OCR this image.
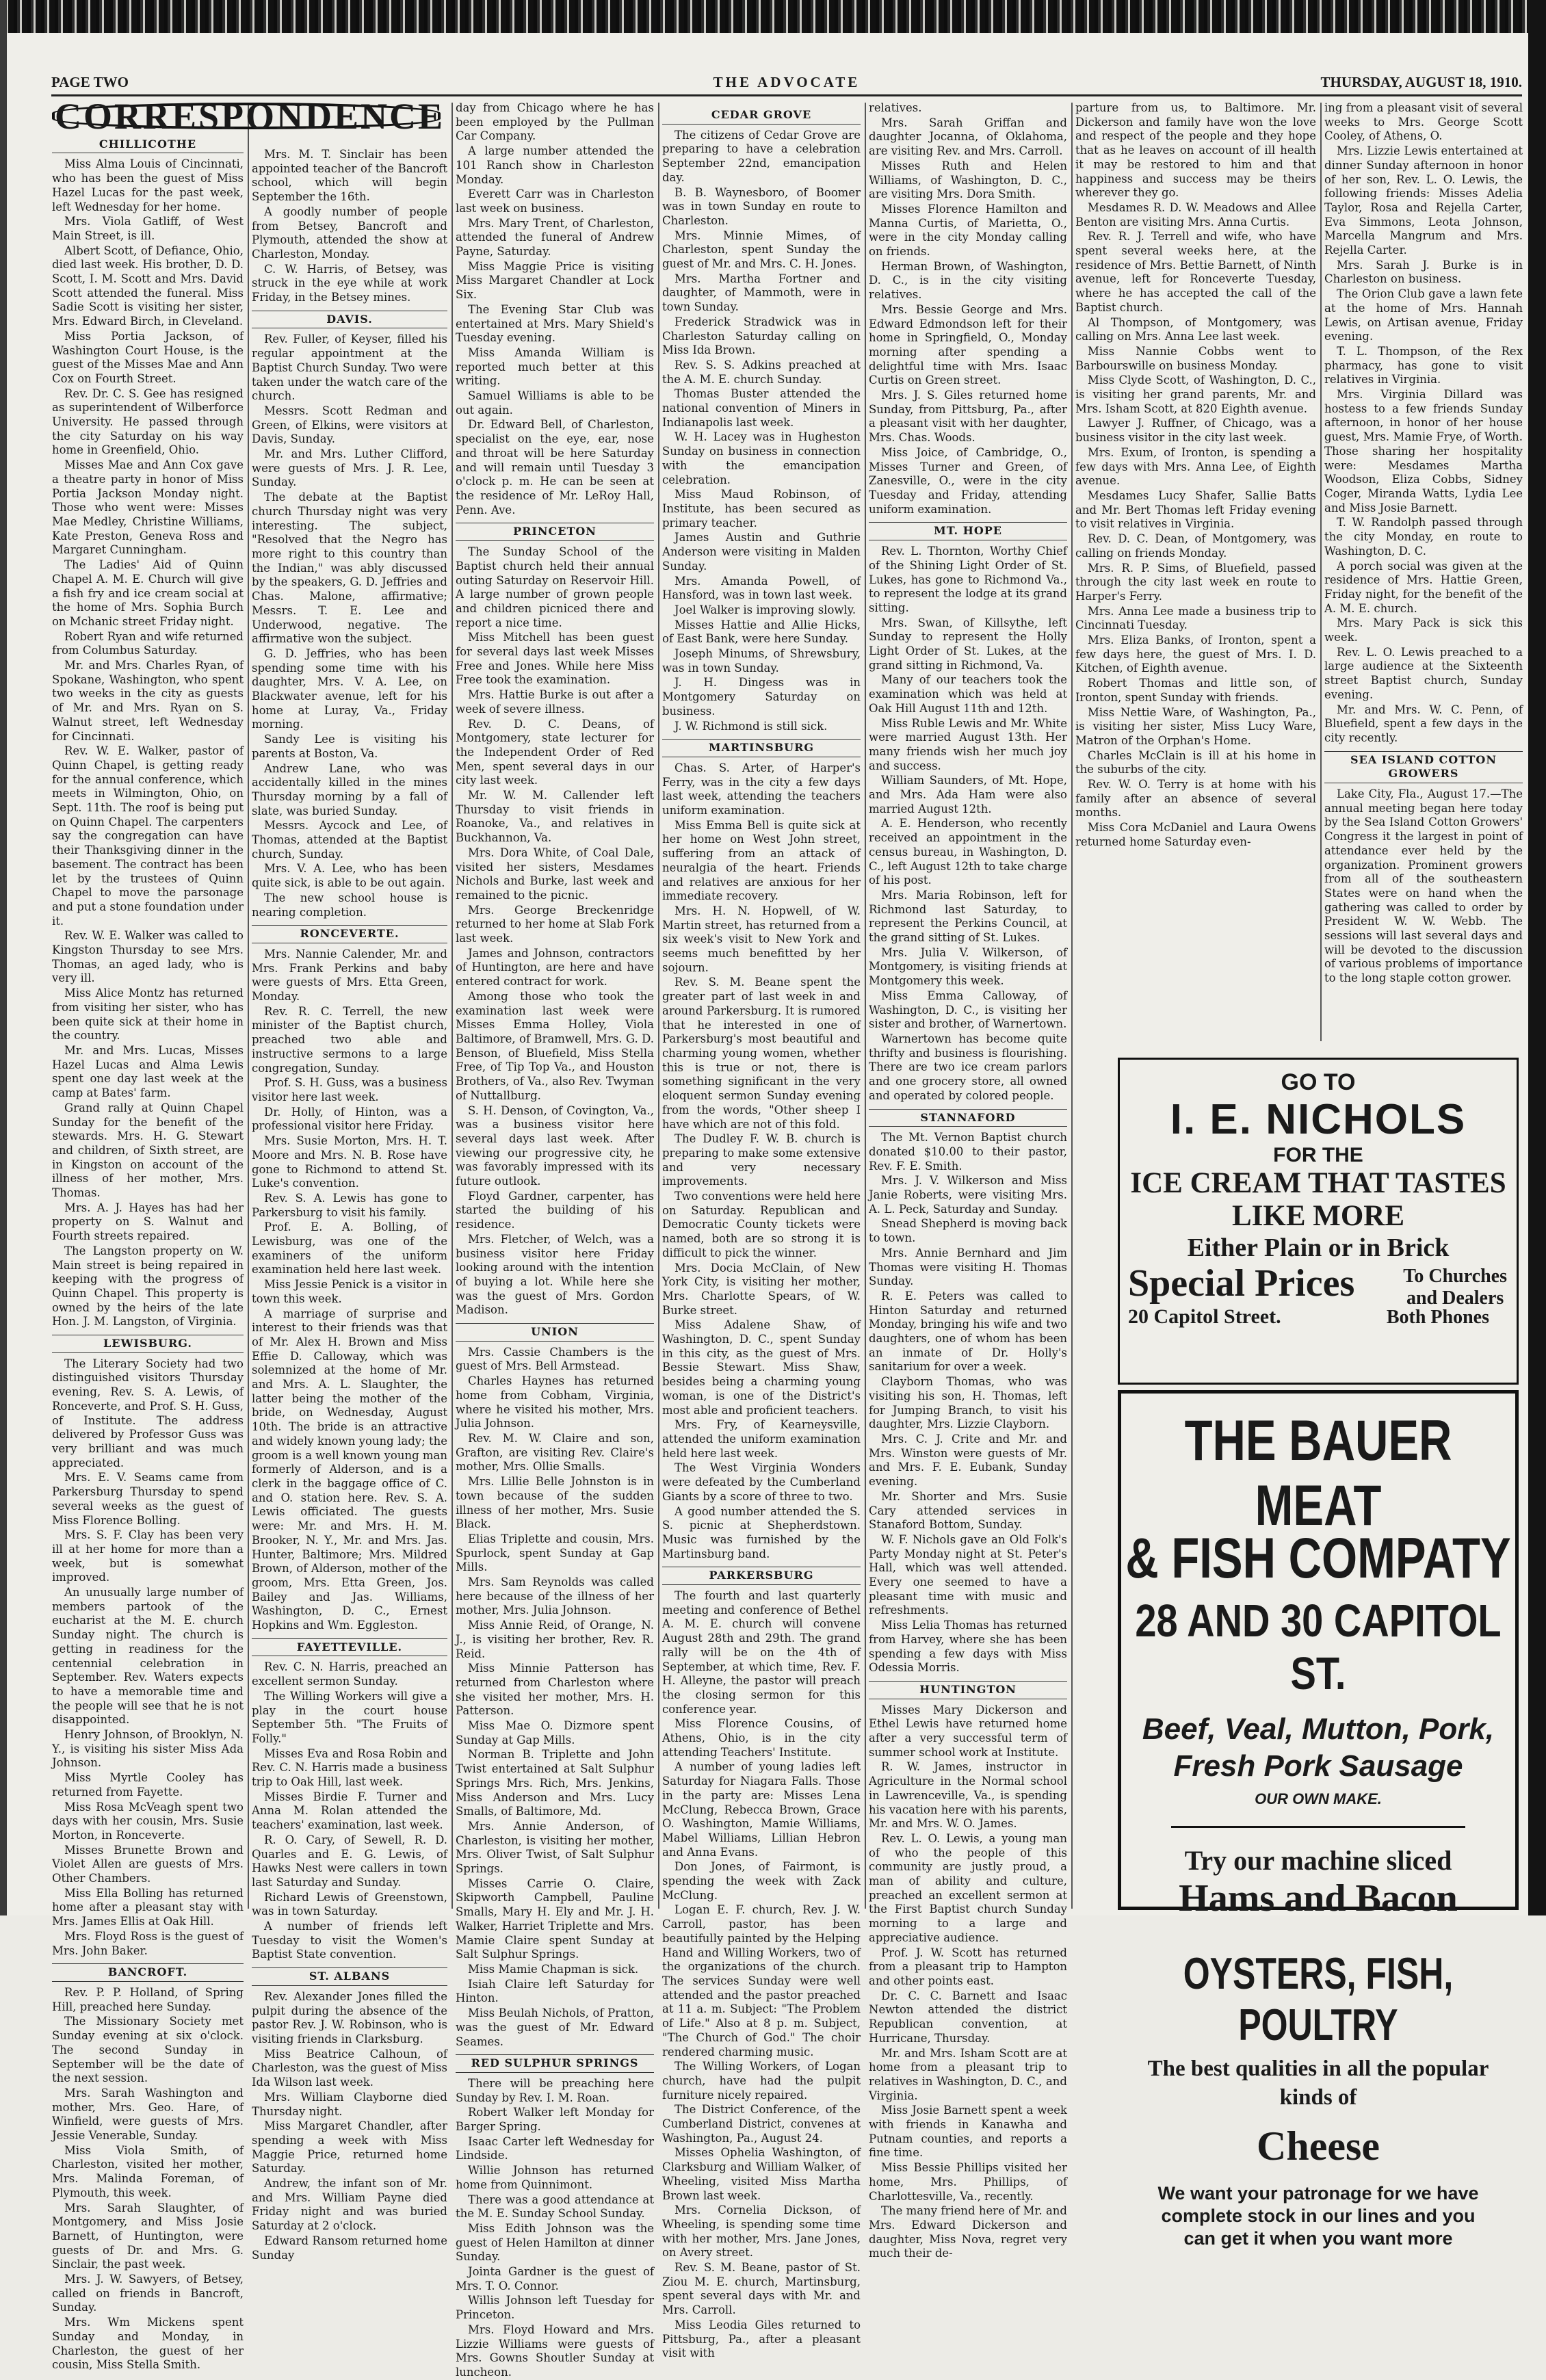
PAGE TWO	THE ADVOCATE	THURSDAY, AUGUST 18, 1910.
CORRESPONDENCE
CHILLICOTHE

Miss Alma Louis of Cincinnati, who has been the guest of Miss Hazel Lucas for the past week, left Wednesday for her home.

Mrs. Viola Gatliff, of West Main Street, is ill.

Albert Scott, of Defiance, Ohio, died last week. His brother, D. D. Scott, I. M. Scott and Mrs. David Scott attended the funeral. Miss Sadie Scott is visiting her sister, Mrs. Edward Birch, in Cleveland.

Miss Portia Jackson, of Washington Court House, is the guest of the Misses Mae and Ann Cox on Fourth Street.

Rev. Dr. C. S. Gee has resigned as superintendent of Wilberforce University. He passed through the city Saturday on his way home in Greenfield, Ohio.

Misses Mae and Ann Cox gave a theatre party in honor of Miss Portia Jackson Monday night. Those who went were: Misses Mae Medley, Christine Williams, Kate Preston, Geneva Ross and Margaret Cunningham.

The Ladies' Aid of Quinn Chapel A. M. E. Church will give a fish fry and ice cream social at the home of Mrs. Sophia Burch on Mchanic street Friday night.

Robert Ryan and wife returned from Columbus Saturday.

Mr. and Mrs. Charles Ryan, of Spokane, Washington, who spent two weeks in the city as guests of Mr. and Mrs. Ryan on S. Walnut street, left Wednesday for Cincinnati.

Rev. W. E. Walker, pastor of Quinn Chapel, is getting ready for the annual conference, which meets in Wilmington, Ohio, on Sept. 11th. The roof is being put on Quinn Chapel. The carpenters say the congregation can have their Thanksgiving dinner in the basement. The contract has been let by the trustees of Quinn Chapel to move the parsonage and put a stone foundation under it.

Rev. W. E. Walker was called to Kingston Thursday to see Mrs. Thomas, an aged lady, who is very ill.

Miss Alice Montz has returned from visiting her sister, who has been quite sick at their home in the country.

Mr. and Mrs. Lucas, Misses Hazel Lucas and Alma Lewis spent one day last week at the camp at Bates' farm.

Grand rally at Quinn Chapel Sunday for the benefit of the stewards. Mrs. H. G. Stewart and children, of Sixth street, are in Kingston on account of the illness of her mother, Mrs. Thomas.

Mrs. A. J. Hayes has had her property on S. Walnut and Fourth streets repaired.

The Langston property on W. Main street is being repaired in keeping with the progress of Quinn Chapel. This property is owned by the heirs of the late Hon. J. M. Langston, of Virginia.

LEWISBURG.

The Literary Society had two distinguished visitors Thursday evening, Rev. S. A. Lewis, of Ronceverte, and Prof. S. H. Guss, of Institute. The address delivered by Professor Guss was very brilliant and was much appreciated.

Mrs. E. V. Seams came from Parkersburg Thursday to spend several weeks as the guest of Miss Florence Bolling.

Mrs. S. F. Clay has been very ill at her home for more than a week, but is somewhat improved.

An unusually large number of members partook of the eucharist at the M. E. church Sunday night. The church is getting in readiness for the centennial celebration in September. Rev. Waters expects to have a memorable time and the people will see that he is not disappointed.

Henry Johnson, of Brooklyn, N. Y., is visiting his sister Miss Ada Johnson.

Miss Myrtle Cooley has returned from Fayette.

Miss Rosa McVeagh spent two days with her cousin, Mrs. Susie Morton, in Ronceverte.

Misses Brunette Brown and Violet Allen are guests of Mrs. Other Chambers.

Miss Ella Bolling has returned home after a pleasant stay with Mrs. James Ellis at Oak Hill.

Mrs. Floyd Ross is the guest of Mrs. John Baker.

BANCROFT.

Rev. P. P. Holland, of Spring Hill, preached here Sunday.

The Missionary Society met Sunday evening at six o'clock. The second Sunday in September will be the date of the next session.

Mrs. Sarah Washington and mother, Mrs. Geo. Hare, of Winfield, were guests of Mrs. Jessie Venerable, Sunday.

Miss Viola Smith, of Charleston, visited her mother, Mrs. Malinda Foreman, of Plymouth, this week.

Mrs. Sarah Slaughter, of Montgomery, and Miss Josie Barnett, of Huntington, were guests of Dr. and Mrs. G. Sinclair, the past week.

Mrs. J. W. Sawyers, of Betsey, called on friends in Bancroft, Sunday.

Mrs. Wm Mickens spent Sunday and Monday, in Charleston, the guest of her cousin, Miss Stella Smith.

Mrs. M. T. Sinclair has been appointed teacher of the Bancroft school, which will begin September the 16th.

A goodly number of people from Betsey, Bancroft and Plymouth, attended the show at Charleston, Monday.

C. W. Harris, of Betsey, was struck in the eye while at work Friday, in the Betsey mines.

DAVIS.

Rev. Fuller, of Keyser, filled his regular appointment at the Baptist Church Sunday. Two were taken under the watch care of the church.

Messrs. Scott Redman and Green, of Elkins, were visitors at Davis, Sunday.

Mr. and Mrs. Luther Clifford, were guests of Mrs. J. R. Lee, Sunday.

The debate at the Baptist church Thursday night was very interesting. The subject, "Resolved that the Negro has more right to this country than the Indian," was ably discussed by the speakers, G. D. Jeffries and Chas. Malone, affirmative; Messrs. T. E. Lee and Underwood, negative. The affirmative won the subject.

G. D. Jeffries, who has been spending some time with his daughter, Mrs. V. A. Lee, on Blackwater avenue, left for his home at Luray, Va., Friday morning.

Sandy Lee is visiting his parents at Boston, Va.

Andrew Lane, who was accidentally killed in the mines Thursday morning by a fall of slate, was buried Sunday.

Messrs. Aycock and Lee, of Thomas, attended at the Baptist church, Sunday.

Mrs. V. A. Lee, who has been quite sick, is able to be out again.

The new school house is nearing completion.

RONCEVERTE.

Mrs. Nannie Calender, Mr. and Mrs. Frank Perkins and baby were guests of Mrs. Etta Green, Monday.

Rev. R. C. Terrell, the new minister of the Baptist church, preached two able and instructive sermons to a large congregation, Sunday.

Prof. S. H. Guss, was a business visitor here last week.

Dr. Holly, of Hinton, was a professional visitor here Friday.

Mrs. Susie Morton, Mrs. H. T. Moore and Mrs. N. B. Rose have gone to Richmond to attend St. Luke's convention.

Rev. S. A. Lewis has gone to Parkersburg to visit his family.

Prof. E. A. Bolling, of Lewisburg, was one of the examiners of the uniform examination held here last week.

Miss Jessie Penick is a visitor in town this week.

A marriage of surprise and interest to their friends was that of Mr. Alex H. Brown and Miss Effie D. Calloway, which was solemnized at the home of Mr. and Mrs. A. L. Slaughter, the latter being the mother of the bride, on Wednesday, August 10th. The bride is an attractive and widely known young lady; the groom is a well known young man formerly of Alderson, and is a clerk in the baggage office of C. and O. station here. Rev. S. A. Lewis officiated. The guests were: Mr. and Mrs. H. M. Brooker, N. Y., Mr. and Mrs. Jas. Hunter, Baltimore; Mrs. Mildred Brown, of Alderson, mother of the groom, Mrs. Etta Green, Jos. Bailey and Jas. Williams, Washington, D. C., Ernest Hopkins and Wm. Eggleston.

FAYETTEVILLE.

Rev. C. N. Harris, preached an excellent sermon Sunday.

The Willing Workers will give a play in the court house September 5th. "The Fruits of Folly."

Misses Eva and Rosa Robin and Rev. C. N. Harris made a business trip to Oak Hill, last week.

Misses Birdie F. Turner and Anna M. Rolan attended the teachers' examination, last week.

R. O. Cary, of Sewell, R. D. Quarles and E. G. Lewis, of Hawks Nest were callers in town last Saturday and Sunday.

Richard Lewis of Greenstown, was in town Saturday.

A number of friends left Tuesday to visit the Women's Baptist State convention.

ST. ALBANS

Rev. Alexander Jones filled the pulpit during the absence of the pastor Rev. J. W. Robinson, who is visiting friends in Clarksburg.

Miss Beatrice Calhoun, of Charleston, was the guest of Miss Ida Wilson last week.

Mrs. William Clayborne died Thursday night.

Miss Margaret Chandler, after spending a week with Miss Maggie Price, returned home Saturday.

Andrew, the infant son of Mr. and Mrs. William Payne died Friday night and was buried Saturday at 2 o'clock.

Edward Ransom returned home Sunday

day from Chicago where he has been employed by the Pullman Car Company.

A large number attended the 101 Ranch show in Charleston Monday.

Everett Carr was in Charleston last week on business.

Mrs. Mary Trent, of Charleston, attended the funeral of Andrew Payne, Saturday.

Miss Maggie Price is visiting Miss Margaret Chandler at Lock Six.

The Evening Star Club was entertained at Mrs. Mary Shield's Tuesday evening.

Miss Amanda William is reported much better at this writing.

Samuel Williams is able to be out again.

Dr. Edward Bell, of Charleston, specialist on the eye, ear, nose and throat will be here Saturday and will remain until Tuesday 3 o'clock p. m. He can be seen at the residence of Mr. LeRoy Hall, Penn. Ave.

PRINCETON

The Sunday School of the Baptist church held their annual outing Saturday on Reservoir Hill. A large number of grown people and children picniced there and report a nice time.

Miss Mitchell has been guest for several days last week Misses Free and Jones. While here Miss Free took the examination.

Mrs. Hattie Burke is out after a week of severe illness.

Rev. D. C. Deans, of Montgomery, state lecturer for the Independent Order of Red Men, spent several days in our city last week.

Mr. W. M. Callender left Thursday to visit friends in Roanoke, Va., and relatives in Buckhannon, Va.

Mrs. Dora White, of Coal Dale, visited her sisters, Mesdames Nichols and Burke, last week and remained to the picnic.

Mrs. George Breckenridge returned to her home at Slab Fork last week.

James and Johnson, contractors of Huntington, are here and have entered contract for work.

Among those who took the examination last week were Misses Emma Holley, Viola Baltimore, of Bramwell, Mrs. G. D. Benson, of Bluefield, Miss Stella Free, of Tip Top Va., and Houston Brothers, of Va., also Rev. Twyman of Nuttallburg.

S. H. Denson, of Covington, Va., was a business visitor here several days last week. After viewing our progressive city, he was favorably impressed with its future outlook.

Floyd Gardner, carpenter, has started the building of his residence.

Mrs. Fletcher, of Welch, was a business visitor here Friday looking around with the intention of buying a lot. While here she was the guest of Mrs. Gordon Madison.

UNION

Mrs. Cassie Chambers is the guest of Mrs. Bell Armstead.

Charles Haynes has returned home from Cobham, Virginia, where he visited his mother, Mrs. Julia Johnson.

Rev. M. W. Claire and son, Grafton, are visiting Rev. Claire's mother, Mrs. Ollie Smalls.

Mrs. Lillie Belle Johnston is in town because of the sudden illness of her mother, Mrs. Susie Black.

Elias Triplette and cousin, Mrs. Spurlock, spent Sunday at Gap Mills.

Mrs. Sam Reynolds was called here because of the illness of her mother, Mrs. Julia Johnson.

Miss Annie Reid, of Orange, N. J., is visiting her brother, Rev. R. Reid.

Miss Minnie Patterson has returned from Charleston where she visited her mother, Mrs. H. Patterson.

Miss Mae O. Dizmore spent Sunday at Gap Mills.

Norman B. Triplette and John Twist entertained at Salt Sulphur Springs Mrs. Rich, Mrs. Jenkins, Miss Anderson and Mrs. Lucy Smalls, of Baltimore, Md.

Mrs. Annie Anderson, of Charleston, is visiting her mother, Mrs. Oliver Twist, of Salt Sulphur Springs.

Misses Carrie O. Claire, Skipworth Campbell, Pauline Smalls, Mary H. Ely and Mr. J. H. Walker, Harriet Triplette and Mrs. Mamie Claire spent Sunday at Salt Sulphur Springs.

Miss Mamie Chapman is sick.

Isiah Claire left Saturday for Hinton.

Miss Beulah Nichols, of Pratton, was the guest of Mr. Edward Seames.

RED SULPHUR SPRINGS

There will be preaching here Sunday by Rev. I. M. Roan.

Robert Walker left Monday for Barger Spring.

Isaac Carter left Wednesday for Lindside.

Willie Johnson has returned home from Quinnimont.

There was a good attendance at the M. E. Sunday School Sunday.

Miss Edith Johnson was the guest of Helen Hamilton at dinner Sunday.

Jointa Gardner is the guest of Mrs. T. O. Connor.

Willis Johnson left Tuesday for Princeton.

Mrs. Floyd Howard and Mrs. Lizzie Williams were guests of Mrs. Gowns Shoutler Sunday at luncheon.

CEDAR GROVE

The citizens of Cedar Grove are preparing to have a celebration September 22nd, emancipation day.

B. B. Waynesboro, of Boomer was in town Sunday en route to Charleston.

Mrs. Minnie Mimes, of Charleston, spent Sunday the guest of Mr. and Mrs. C. H. Jones.

Mrs. Martha Fortner and daughter, of Mammoth, were in town Sunday.

Frederick Stradwick was in Charleston Saturday calling on Miss Ida Brown.

Rev. S. S. Adkins preached at the A. M. E. church Sunday.

Thomas Buster attended the national convention of Miners in Indianapolis last week.

W. H. Lacey was in Hugheston Sunday on business in connection with the emancipation celebration.

Miss Maud Robinson, of Institute, has been secured as primary teacher.

James Austin and Guthrie Anderson were visiting in Malden Sunday.

Mrs. Amanda Powell, of Hansford, was in town last week.

Joel Walker is improving slowly.

Misses Hattie and Allie Hicks, of East Bank, were here Sunday.

Joseph Minums, of Shrewsbury, was in town Sunday.

J. H. Dingess was in Montgomery Saturday on business.

J. W. Richmond is still sick.

MARTINSBURG

Chas. S. Arter, of Harper's Ferry, was in the city a few days last week, attending the teachers uniform examination.

Miss Emma Bell is quite sick at her home on West John street, suffering from an attack of neuralgia of the heart. Friends and relatives are anxious for her immediate recovery.

Mrs. H. N. Hopwell, of W. Martin street, has returned from a six week's visit to New York and seems much benefitted by her sojourn.

Rev. S. M. Beane spent the greater part of last week in and around Parkersburg. It is rumored that he interested in one of Parkersburg's most beautiful and charming young women, whether this is true or not, there is something significant in the very eloquent sermon Sunday evening from the words, "Other sheep I have which are not of this fold.

The Dudley F. W. B. church is preparing to make some extensive and very necessary improvements.

Two conventions were held here on Saturday. Republican and Democratic County tickets were named, both are so strong it is difficult to pick the winner.

Mrs. Docia McClain, of New York City, is visiting her mother, Mrs. Charlotte Spears, of W. Burke street.

Miss Adalene Shaw, of Washington, D. C., spent Sunday in this city, as the guest of Mrs. Bessie Stewart. Miss Shaw, besides being a charming young woman, is one of the District's most able and proficient teachers.

Mrs. Fry, of Kearneysville, attended the uniform examination held here last week.

The West Virginia Wonders were defeated by the Cumberland Giants by a score of three to two.

A good number attended the S. S. picnic at Shepherdstown. Music was furnished by the Martinsburg band.

PARKERSBURG

The fourth and last quarterly meeting and conference of Bethel A. M. E. church will convene August 28th and 29th. The grand rally will be on the 4th of September, at which time, Rev. F. H. Alleyne, the pastor will preach the closing sermon for this conference year.

Miss Florence Cousins, of Athens, Ohio, is in the city attending Teachers' Institute.

A number of young ladies left Saturday for Niagara Falls. Those in the party are: Misses Lena McClung, Rebecca Brown, Grace O. Washington, Mamie Williams, Mabel Williams, Lillian Hebron and Anna Evans.

Don Jones, of Fairmont, is spending the week with Zack McClung.

Logan E. F. church, Rev. J. W. Carroll, pastor, has been beautifully painted by the Helping Hand and Willing Workers, two of the organizations of the church. The services Sunday were well attended and the pastor preached at 11 a. m. Subject: "The Problem of Life." Also at 8 p. m. Subject, "The Church of God." The choir rendered charming music.

The Willing Workers, of Logan church, have had the pulpit furniture nicely repaired.

The District Conference, of the Cumberland District, convenes at Washington, Pa., August 24.

Misses Ophelia Washington, of Clarksburg and William Walker, of Wheeling, visited Miss Martha Brown last week.

Mrs. Cornelia Dickson, of Wheeling, is spending some time with her mother, Mrs. Jane Jones, on Avery street.

Rev. S. M. Beane, pastor of St. Ziou M. E. church, Martinsburg, spent several days with Mr. and Mrs. Carroll.

Miss Leodia Giles returned to Pittsburg, Pa., after a pleasant visit with

relatives.

Mrs. Sarah Griffan and daughter Jocanna, of Oklahoma, are visiting Rev. and Mrs. Carroll.

Misses Ruth and Helen Williams, of Washington, D. C., are visiting Mrs. Dora Smith.

Misses Florence Hamilton and Manna Curtis, of Marietta, O., were in the city Monday calling on friends.

Herman Brown, of Washington, D. C., is in the city visiting relatives.

Mrs. Bessie George and Mrs. Edward Edmondson left for their home in Springfield, O., Monday morning after spending a delightful time with Mrs. Isaac Curtis on Green street.

Mrs. J. S. Giles returned home Sunday, from Pittsburg, Pa., after a pleasant visit with her daughter, Mrs. Chas. Woods.

Miss Joice, of Cambridge, O., Misses Turner and Green, of Zanesville, O., were in the city Tuesday and Friday, attending uniform examination.

MT. HOPE

Rev. L. Thornton, Worthy Chief of the Shining Light Order of St. Lukes, has gone to Richmond Va., to represent the lodge at its grand sitting.

Mrs. Swan, of Killsythe, left Sunday to represent the Holly Light Order of St. Lukes, at the grand sitting in Richmond, Va.

Many of our teachers took the examination which was held at Oak Hill August 11th and 12th.

Miss Ruble Lewis and Mr. White were married August 13th. Her many friends wish her much joy and success.

William Saunders, of Mt. Hope, and Mrs. Ada Ham were also married August 12th.

A. E. Henderson, who recently received an appointment in the census bureau, in Washington, D. C., left August 12th to take charge of his post.

Mrs. Maria Robinson, left for Richmond last Saturday, to represent the Perkins Council, at the grand sitting of St. Lukes.

Mrs. Julia V. Wilkerson, of Montgomery, is visiting friends at Montgomery this week.

Miss Emma Calloway, of Washington, D. C., is visiting her sister and brother, of Warnertown.

Warnertown has become quite thrifty and business is flourishing. There are two ice cream parlors and one grocery store, all owned and operated by colored people.

STANNAFORD

The Mt. Vernon Baptist church donated $10.00 to their pastor, Rev. F. E. Smith.

Mrs. J. V. Wilkerson and Miss Janie Roberts, were visiting Mrs. A. L. Peck, Saturday and Sunday.

Snead Shepherd is moving back to town.

Mrs. Annie Bernhard and Jim Thomas were visiting H. Thomas Sunday.

R. E. Peters was called to Hinton Saturday and returned Monday, bringing his wife and two daughters, one of whom has been an inmate of Dr. Holly's sanitarium for over a week.

Clayborn Thomas, who was visiting his son, H. Thomas, left for Jumping Branch, to visit his daughter, Mrs. Lizzie Clayborn.

Mrs. C. J. Crite and Mr. and Mrs. Winston were guests of Mr. and Mrs. F. E. Eubank, Sunday evening.

Mr. Shorter and Mrs. Susie Cary attended services in Stanaford Bottom, Sunday.

W. F. Nichols gave an Old Folk's Party Monday night at St. Peter's Hall, which was well attended. Every one seemed to have a pleasant time with music and refreshments.

Miss Lelia Thomas has returned from Harvey, where she has been spending a few days with Miss Odessia Morris.

HUNTINGTON

Misses Mary Dickerson and Ethel Lewis have returned home after a very successful term of summer school work at Institute.

R. W. James, instructor in Agriculture in the Normal school in Lawrenceville, Va., is spending his vacation here with his parents, Mr. and Mrs. W. O. James.

Rev. L. O. Lewis, a young man of who the people of this community are justly proud, a man of ability and culture, preached an excellent sermon at the First Baptist church Sunday morning to a large and appreciative audience.

Prof. J. W. Scott has returned from a pleasant trip to Hampton and other points east.

Dr. C. C. Barnett and Isaac Newton attended the district Republican convention, at Hurricane, Thursday.

Mr. and Mrs. Isham Scott are at home from a pleasant trip to relatives in Washington, D. C., and Virginia.

Miss Josie Barnett spent a week with friends in Kanawha and Putnam counties, and reports a fine time.

Miss Bessie Phillips visited her home, Mrs. Phillips, of Charlottesville, Va., recently.

The many friend here of Mr. and Mrs. Edward Dickerson and daughter, Miss Nova, regret very much their de-

parture from us, to Baltimore. Mr. Dickerson and family have won the love and respect of the people and they hope that as he leaves on account of ill health it may be restored to him and that happiness and success may be theirs wherever they go.

Mesdames R. D. W. Meadows and Allee Benton are visiting Mrs. Anna Curtis.

Rev. R. J. Terrell and wife, who have spent several weeks here, at the residence of Mrs. Bettie Barnett, of Ninth avenue, left for Ronceverte Tuesday, where he has accepted the call of the Baptist church.

Al Thompson, of Montgomery, was calling on Mrs. Anna Lee last week.

Miss Nannie Cobbs went to Barbourswille on business Monday.

Miss Clyde Scott, of Washington, D. C., is visiting her grand parents, Mr. and Mrs. Isham Scott, at 820 Eighth avenue.

Lawyer J. Ruffner, of Chicago, was a business visitor in the city last week.

Mrs. Exum, of Ironton, is spending a few days with Mrs. Anna Lee, of Eighth avenue.

Mesdames Lucy Shafer, Sallie Batts and Mr. Bert Thomas left Friday evening to visit relatives in Virginia.

Rev. D. C. Dean, of Montgomery, was calling on friends Monday.

Mrs. R. P. Sims, of Bluefield, passed through the city last week en route to Harper's Ferry.

Mrs. Anna Lee made a business trip to Cincinnati Tuesday.

Mrs. Eliza Banks, of Ironton, spent a few days here, the guest of Mrs. I. D. Kitchen, of Eighth avenue.

Robert Thomas and little son, of Ironton, spent Sunday with friends.

Miss Nettie Ware, of Washington, Pa., is visiting her sister, Miss Lucy Ware, Matron of the Orphan's Home.

Charles McClain is ill at his home in the suburbs of the city.

Rev. W. O. Terry is at home with his family after an absence of several months.

Miss Cora McDaniel and Laura Owens returned home Saturday even-

ing from a pleasant visit of several weeks to Mrs. George Scott Cooley, of Athens, O.

Mrs. Lizzie Lewis entertained at dinner Sunday afternoon in honor of her son, Rev. L. O. Lewis, the following friends: Misses Adelia Taylor, Rosa and Rejella Carter, Eva Simmons, Leota Johnson, Marcella Mangrum and Mrs. Rejella Carter.

Mrs. Sarah J. Burke is in Charleston on business.

The Orion Club gave a lawn fete at the home of Mrs. Hannah Lewis, on Artisan avenue, Friday evening.

T. L. Thompson, of the Rex pharmacy, has gone to visit relatives in Virginia.

Mrs. Virginia Dillard was hostess to a few friends Sunday afternoon, in honor of her house guest, Mrs. Mamie Frye, of Worth. Those sharing her hospitality were: Mesdames Martha Woodson, Eliza Cobbs, Sidney Coger, Miranda Watts, Lydia Lee and Miss Josie Barnett.

T. W. Randolph passed through the city Monday, en route to Washington, D. C.

A porch social was given at the residence of Mrs. Hattie Green, Friday night, for the benefit of the A. M. E. church.

Mrs. Mary Pack is sick this week.

Rev. L. O. Lewis preached to a large audience at the Sixteenth street Baptist church, Sunday evening.

Mr. and Mrs. W. C. Penn, of Bluefield, spent a few days in the city recently.

SEA ISLAND COTTON GROWERS

Lake City, Fla., August 17.—The annual meeting began here today by the Sea Island Cotton Growers' Congress it the largest in point of attendance ever held by the organization. Prominent growers from all of the southeastern States were on hand when the gathering was called to order by President W. W. Webb. The sessions will last several days and will be devoted to the discussion of various problems of importance to the long staple cotton grower.

GO TO
I. E. NICHOLS
FOR THE
ICE CREAM THAT TASTES LIKE MORE
Either Plain or in Brick
Special Prices	To Churches
and Dealers
20 Capitol Street.	Both Phones
THE BAUER MEAT
& FISH COMPATY
28 AND 30 CAPITOL ST.
Beef, Veal, Mutton, Pork,
Fresh Pork Sausage
OUR OWN MAKE.
Try our machine sliced
Hams and Bacon
OYSTERS, FISH, POULTRY
The best qualities in all the popular
kinds of
Cheese
We want your patronage for we have
complete stock in our lines and you
can get it when you want more
